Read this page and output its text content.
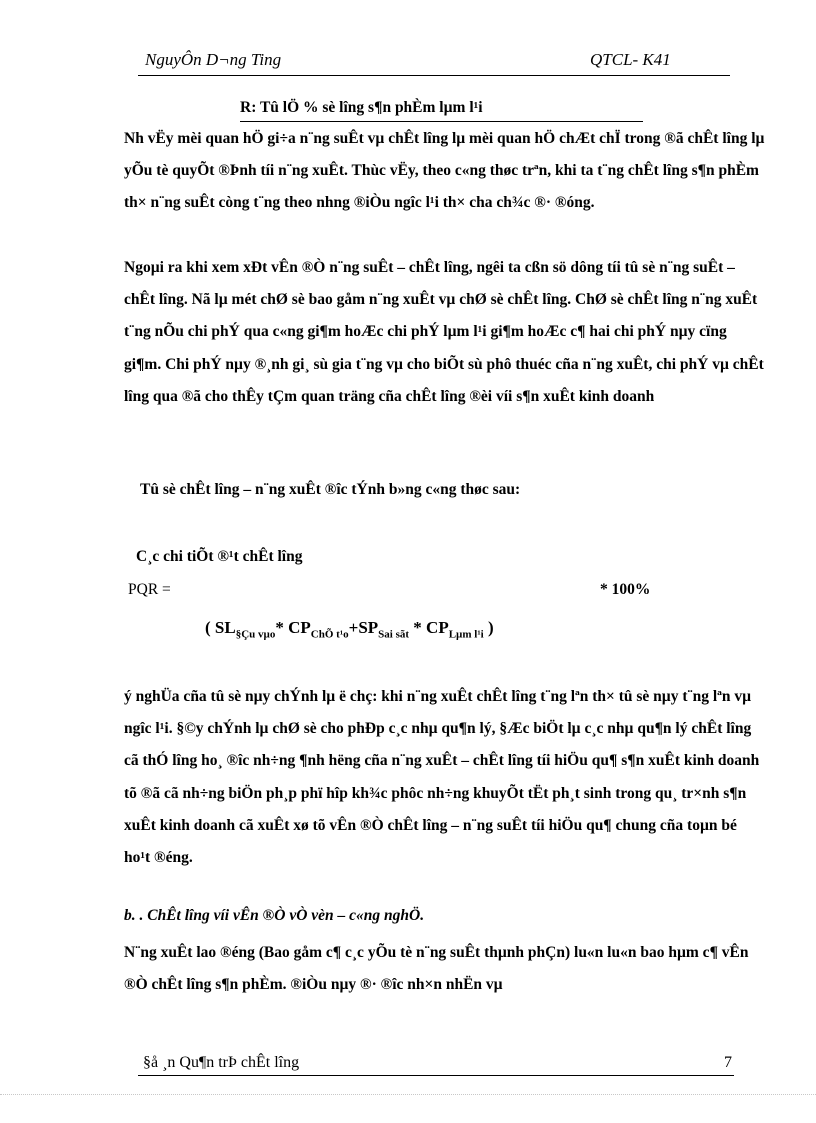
NguyÔn D¬ng Ting	QTCL- K41
R: Tû lÖ % sè lîng s¶n phÈm lµm l¹i
Nh vËy mèi quan hÖ gi÷a n¨ng suÊt vµ chÊt lîng lµ mèi quan hÖ chÆt chÏ trong ®ã chÊt lîng lµ yÕu tè quyÕt ®Þnh tíi n¨ng xuÊt. Thùc vËy, theo c«ng thøc trªn, khi ta t¨ng chÊt lîng s¶n phÈm th× n¨ng suÊt còng t¨ng theo nhng ®iÒu ngîc l¹i th× cha ch¾c ®· ®óng.
Ngoµi ra khi xem xÐt vÊn ®Ò n¨ng suÊt – chÊt lîng, ngêi ta cßn sö dông tíi tû sè n¨ng suÊt – chÊt lîng. Nã lµ mét chØ sè bao gåm n¨ng xuÊt vµ chØ sè chÊt lîng. ChØ sè chÊt lîng n¨ng xuÊt t¨ng nÕu chi phÝ qua c«ng gi¶m hoÆc chi phÝ lµm l¹i gi¶m hoÆc c¶ hai chi phÝ nµy cïng gi¶m. Chi phÝ nµy ®¸nh gi¸ sù gia t¨ng vµ cho biÕt sù phô thuéc cña n¨ng xuÊt, chi phÝ vµ chÊt lîng qua ®ã cho thÊy tÇm quan träng cña chÊt lîng ®èi víi s¶n xuÊt kinh doanh
Tû sè chÊt lîng – n¨ng xuÊt ®îc tÝnh b»ng c«ng thøc sau:
C¸c chi tiÕt ®¹t chÊt lîng
PQR =	* 100%
( $SL_{\S Çu v\mu o}*$ $CP_{ChÕ t^1o}+SP_{Sai sãt} * CP_{L\mu m l^1i}$ )
ý nghÜa cña tû sè nµy chÝnh lµ ë chç: khi n¨ng xuÊt chÊt lîng t¨ng lªn th× tû sè nµy t¨ng lªn vµ ngîc l¹i. §©y chÝnh lµ chØ sè cho phÐp c¸c nhµ qu¶n lý, §Æc biÖt lµ c¸c nhµ qu¶n lý chÊt lîng cã thÓ lîng ho¸ ®îc nh÷ng ¶nh hëng cña n¨ng xuÊt – chÊt lîng tíi hiÖu qu¶ s¶n xuÊt kinh doanh tõ ®ã cã nh÷ng biÖn ph¸p phï hîp kh¾c phôc nh÷ng khuyÕt tËt ph¸t sinh trong qu¸ tr×nh s¶n xuÊt kinh doanh cã xuÊt xø tõ vÊn ®Ò chÊt lîng – n¨ng suÊt tíi hiÖu qu¶ chung cña toµn bé ho¹t ®éng.
b. . ChÊt lîng víi vÊn ®Ò vÒ vèn – c«ng nghÖ.
N¨ng xuÊt lao ®éng (Bao gåm c¶ c¸c yÕu tè n¨ng suÊt thµnh phÇn) lu«n lu«n bao hµm c¶ vÊn ®Ò chÊt lîng s¶n phÈm. ®iÒu nµy ®· ®îc nh×n nhËn vµ
§å ¸n Qu¶n trÞ chÊt lîng	7
